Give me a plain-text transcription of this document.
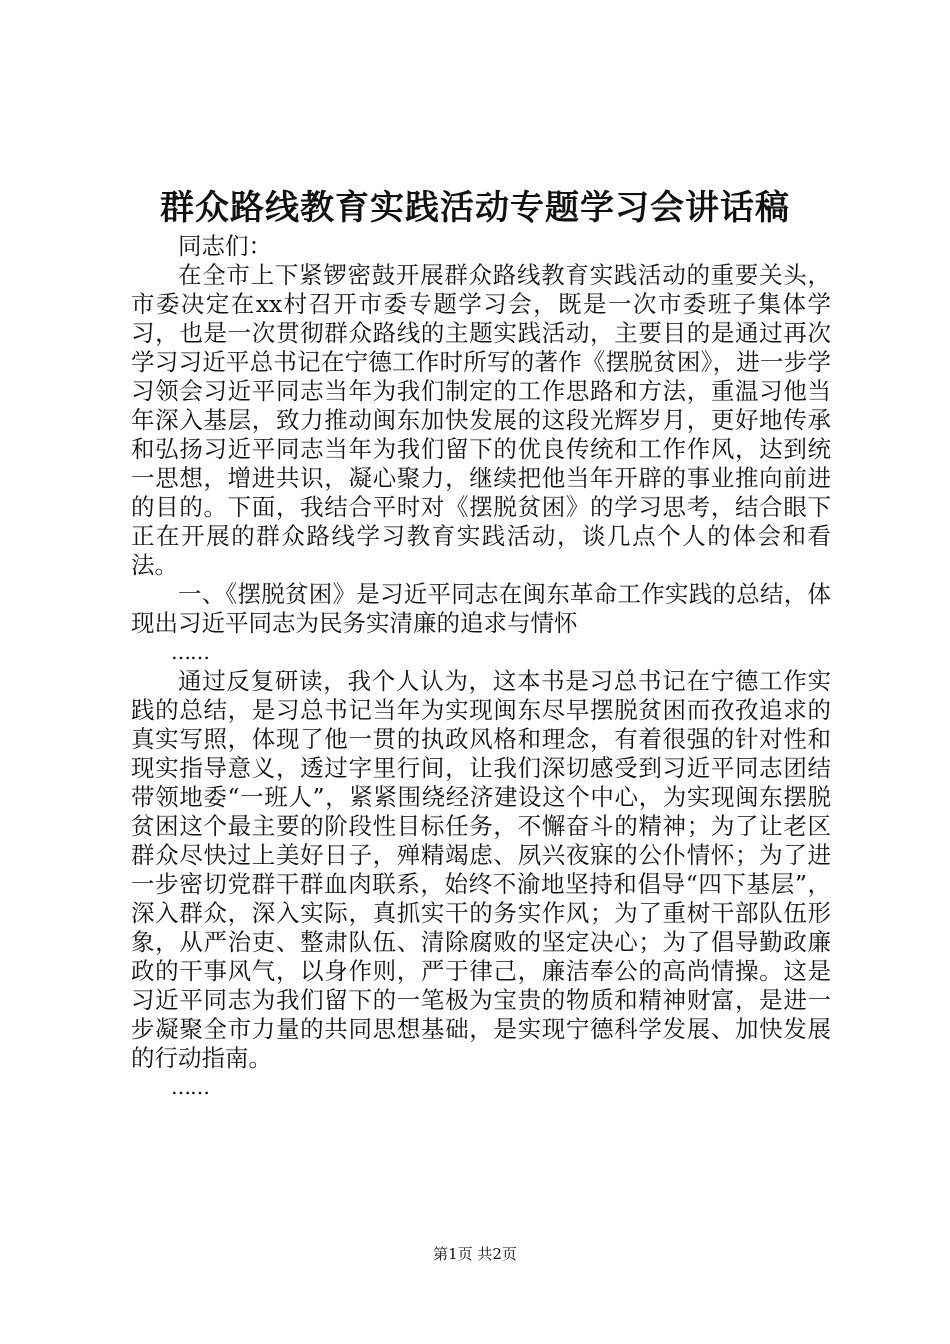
群众路线教育实践活动专题学习会讲话稿

同志们：

在全市上下紧锣密鼓开展群众路线教育实践活动的重要关头，市委决定在xx村召开市委专题学习会，既是一次市委班子集体学习，也是一次贯彻群众路线的主题实践活动，主要目的是通过再次学习习近平总书记在宁德工作时所写的著作《摆脱贫困》，进一步学习领会习近平同志当年为我们制定的工作思路和方法，重温习他当年深入基层，致力推动闽东加快发展的这段光辉岁月，更好地传承和弘扬习近平同志当年为我们留下的优良传统和工作作风，达到统一思想，增进共识，凝心聚力，继续把他当年开辟的事业推向前进的目的。下面，我结合平时对《摆脱贫困》的学习思考，结合眼下正在开展的群众路线学习教育实践活动，谈几点个人的体会和看法。

一、《摆脱贫困》是习近平同志在闽东革命工作实践的总结，体现出习近平同志为民务实清廉的追求与情怀

……

通过反复研读，我个人认为，这本书是习总书记在宁德工作实践的总结，是习总书记当年为实现闽东尽早摆脱贫困而孜孜追求的真实写照，体现了他一贯的执政风格和理念，有着很强的针对性和现实指导意义，透过字里行间，让我们深切感受到习近平同志团结带领地委“一班人”，紧紧围绕经济建设这个中心，为实现闽东摆脱贫困这个最主要的阶段性目标任务，不懈奋斗的精神；为了让老区群众尽快过上美好日子，殚精竭虑、夙兴夜寐的公仆情怀；为了进一步密切党群干群血肉联系，始终不渝地坚持和倡导“四下基层”，深入群众，深入实际，真抓实干的务实作风；为了重树干部队伍形象，从严治吏、整肃队伍、清除腐败的坚定决心；为了倡导勤政廉政的干事风气，以身作则，严于律己，廉洁奉公的高尚情操。这是习近平同志为我们留下的一笔极为宝贵的物质和精神财富，是进一步凝聚全市力量的共同思想基础，是实现宁德科学发展、加快发展的行动指南。

……

第1页 共2页
